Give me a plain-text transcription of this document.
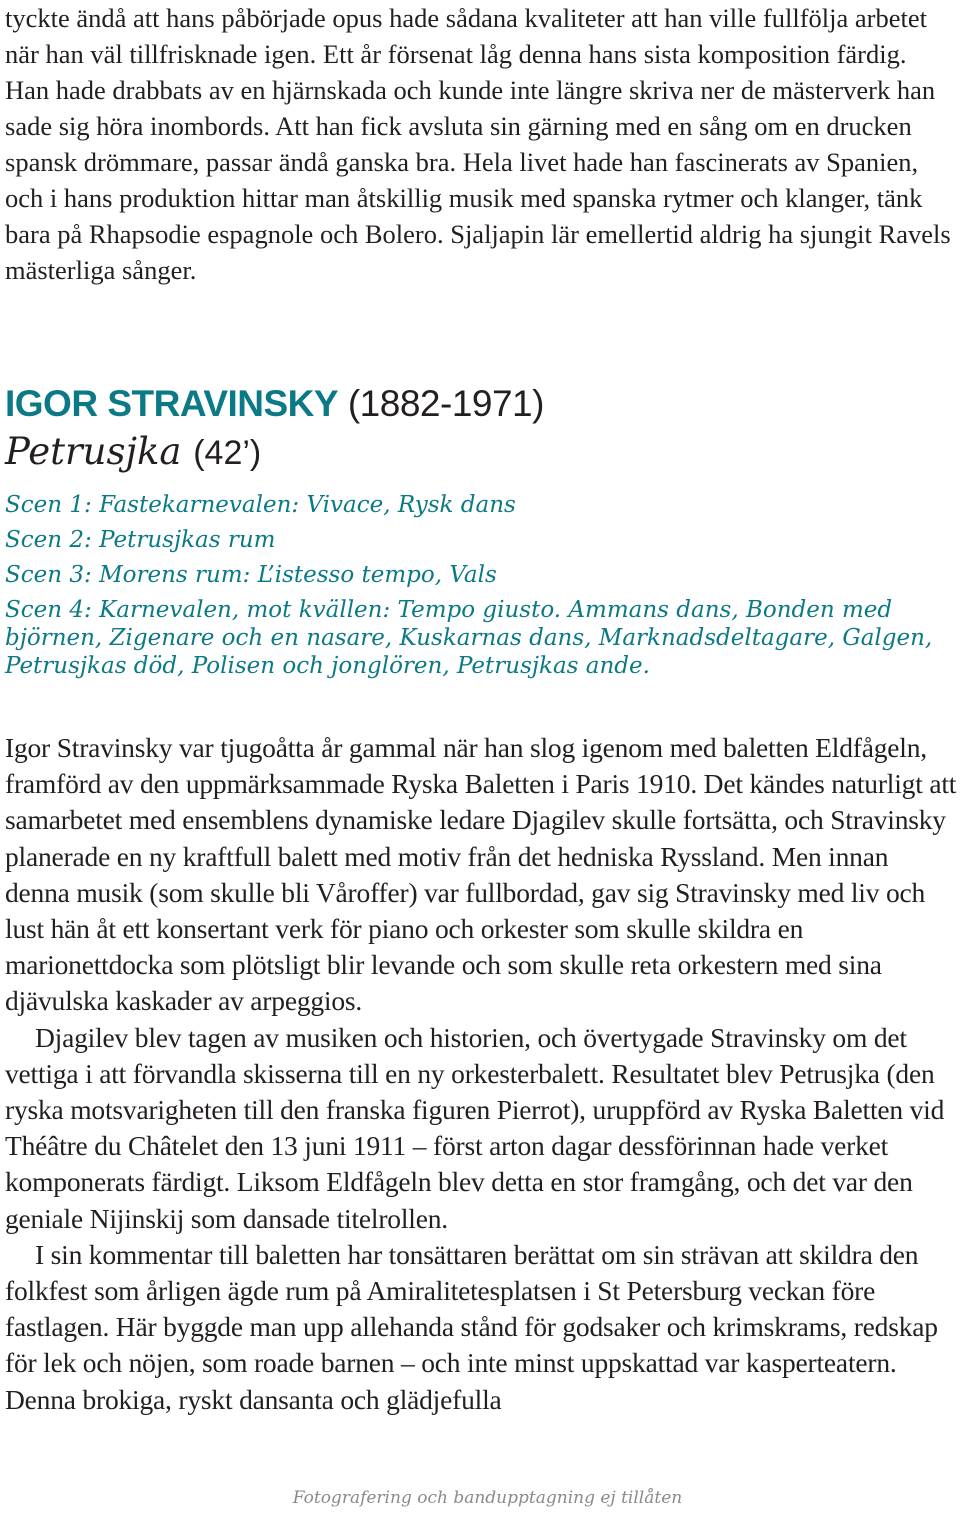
tyckte ändå att hans påbörjade opus hade sådana kvaliteter att han ville fullfölja arbetet när han väl tillfrisknade igen. Ett år försenat låg denna hans sista komposition färdig. Han hade drabbats av en hjärnskada och kunde inte längre skriva ner de mästerverk han sade sig höra inombords. Att han fick avsluta sin gärning med en sång om en drucken spansk drömmare, passar ändå ganska bra. Hela livet hade han fascinerats av Spanien, och i hans produktion hittar man åtskillig musik med spanska rytmer och klanger, tänk bara på Rhapsodie espagnole och Bolero. Sjaljapin lär emellertid aldrig ha sjungit Ravels mästerliga sånger.

IGOR STRAVINSKY (1882-1971)
Petrusjka (42’)
Scen 1: Fastekarnevalen: Vivace, Rysk dans
Scen 2: Petrusjkas rum
Scen 3: Morens rum: L’istesso tempo, Vals
Scen 4: Karnevalen, mot kvällen: Tempo giusto. Ammans dans, Bonden med björnen, Zigenare och en nasare, Kuskarnas dans, Marknadsdeltagare, Galgen, Petrusjkas död, Polisen och jonglören, Petrusjkas ande.

Igor Stravinsky var tjugoåtta år gammal när han slog igenom med baletten Eldfågeln, framförd av den uppmärksammade Ryska Baletten i Paris 1910. Det kändes naturligt att samarbetet med ensemblens dynamiske ledare Djagilev skulle fortsätta, och Stravinsky planerade en ny kraftfull balett med motiv från det hedniska Ryssland. Men innan denna musik (som skulle bli Våroffer) var fullbordad, gav sig Stravinsky med liv och lust hän åt ett konsertant verk för piano och orkester som skulle skildra en marionettdocka som plötsligt blir levande och som skulle reta orkestern med sina djävulska kaskader av arpeggios.

Djagilev blev tagen av musiken och historien, och övertygade Stravinsky om det vettiga i att förvandla skisserna till en ny orkesterbalett. Resultatet blev Petrusjka (den ryska motsvarigheten till den franska figuren Pierrot), uruppförd av Ryska Baletten vid Théâtre du Châtelet den 13 juni 1911 – först arton dagar dessförinnan hade verket komponerats färdigt. Liksom Eldfågeln blev detta en stor framgång, och det var den geniale Nijinskij som dansade titelrollen.

I sin kommentar till baletten har tonsättaren berättat om sin strävan att skildra den folkfest som årligen ägde rum på Amiralitetesplatsen i St Petersburg veckan före fastlagen. Här byggde man upp allehanda stånd för godsaker och krimskrams, redskap för lek och nöjen, som roade barnen – och inte minst uppskattad var kasperteatern. Denna brokiga, ryskt dansanta och glädjefulla

Fotografering och bandupptagning ej tillåten
